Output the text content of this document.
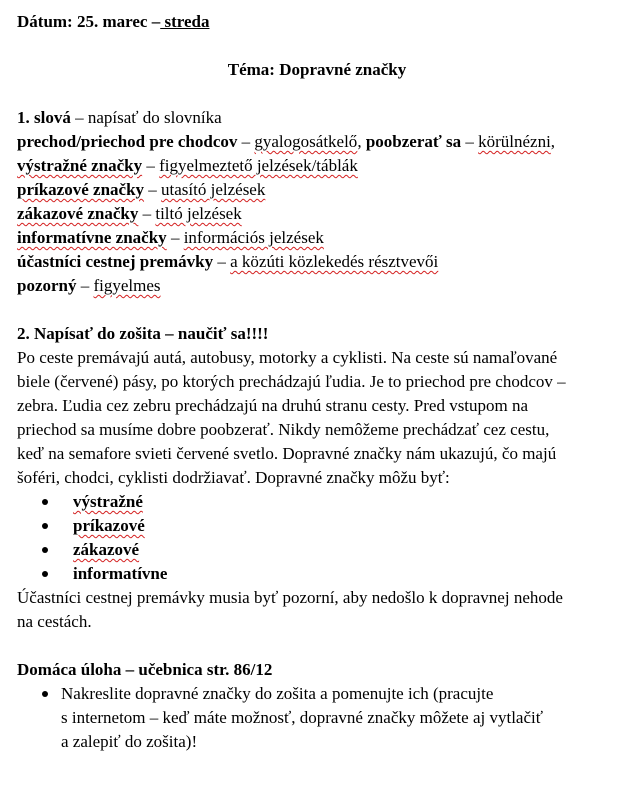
Dátum: 25. marec – streda
Téma: Dopravné značky
1. slová – napísať do slovníka
prechod/priechod pre chodcov – gyalogosátkelő, poobzerať sa – körülnézni,
výstražné značky – figyelmeztető jelzések/táblák
príkazové značky – utasító jelzések
zákazové značky – tiltó jelzések
informatívne značky – információs jelzések
účastníci cestnej premávky – a közúti közlekedés résztvevői
pozorný – figyelmes
2. Napísať do zošita – naučiť sa!!!!
Po ceste premávajú autá, autobusy, motorky a cyklisti. Na ceste sú namaľované
biele (červené) pásy, po ktorých prechádzajú ľudia. Je to priechod pre chodcov –
zebra. Ľudia cez zebru prechádzajú na druhú stranu cesty. Pred vstupom na
priechod sa musíme dobre poobzerať. Nikdy nemôžeme prechádzať cez cestu,
keď na semafore svieti červené svetlo. Dopravné značky nám ukazujú, čo majú
šoféri, chodci, cyklisti dodržiavať. Dopravné značky môžu byť:
výstražné
príkazové
zákazové
informatívne
Účastníci cestnej premávky musia byť pozorní, aby nedošlo k dopravnej nehode
na cestách.
Domáca úloha – učebnica str. 86/12
Nakreslite dopravné značky do zošita a pomenujte ich (pracujte
s internetom – keď máte možnosť, dopravné značky môžete aj vytlačiť
a zalepiť do zošita)!
